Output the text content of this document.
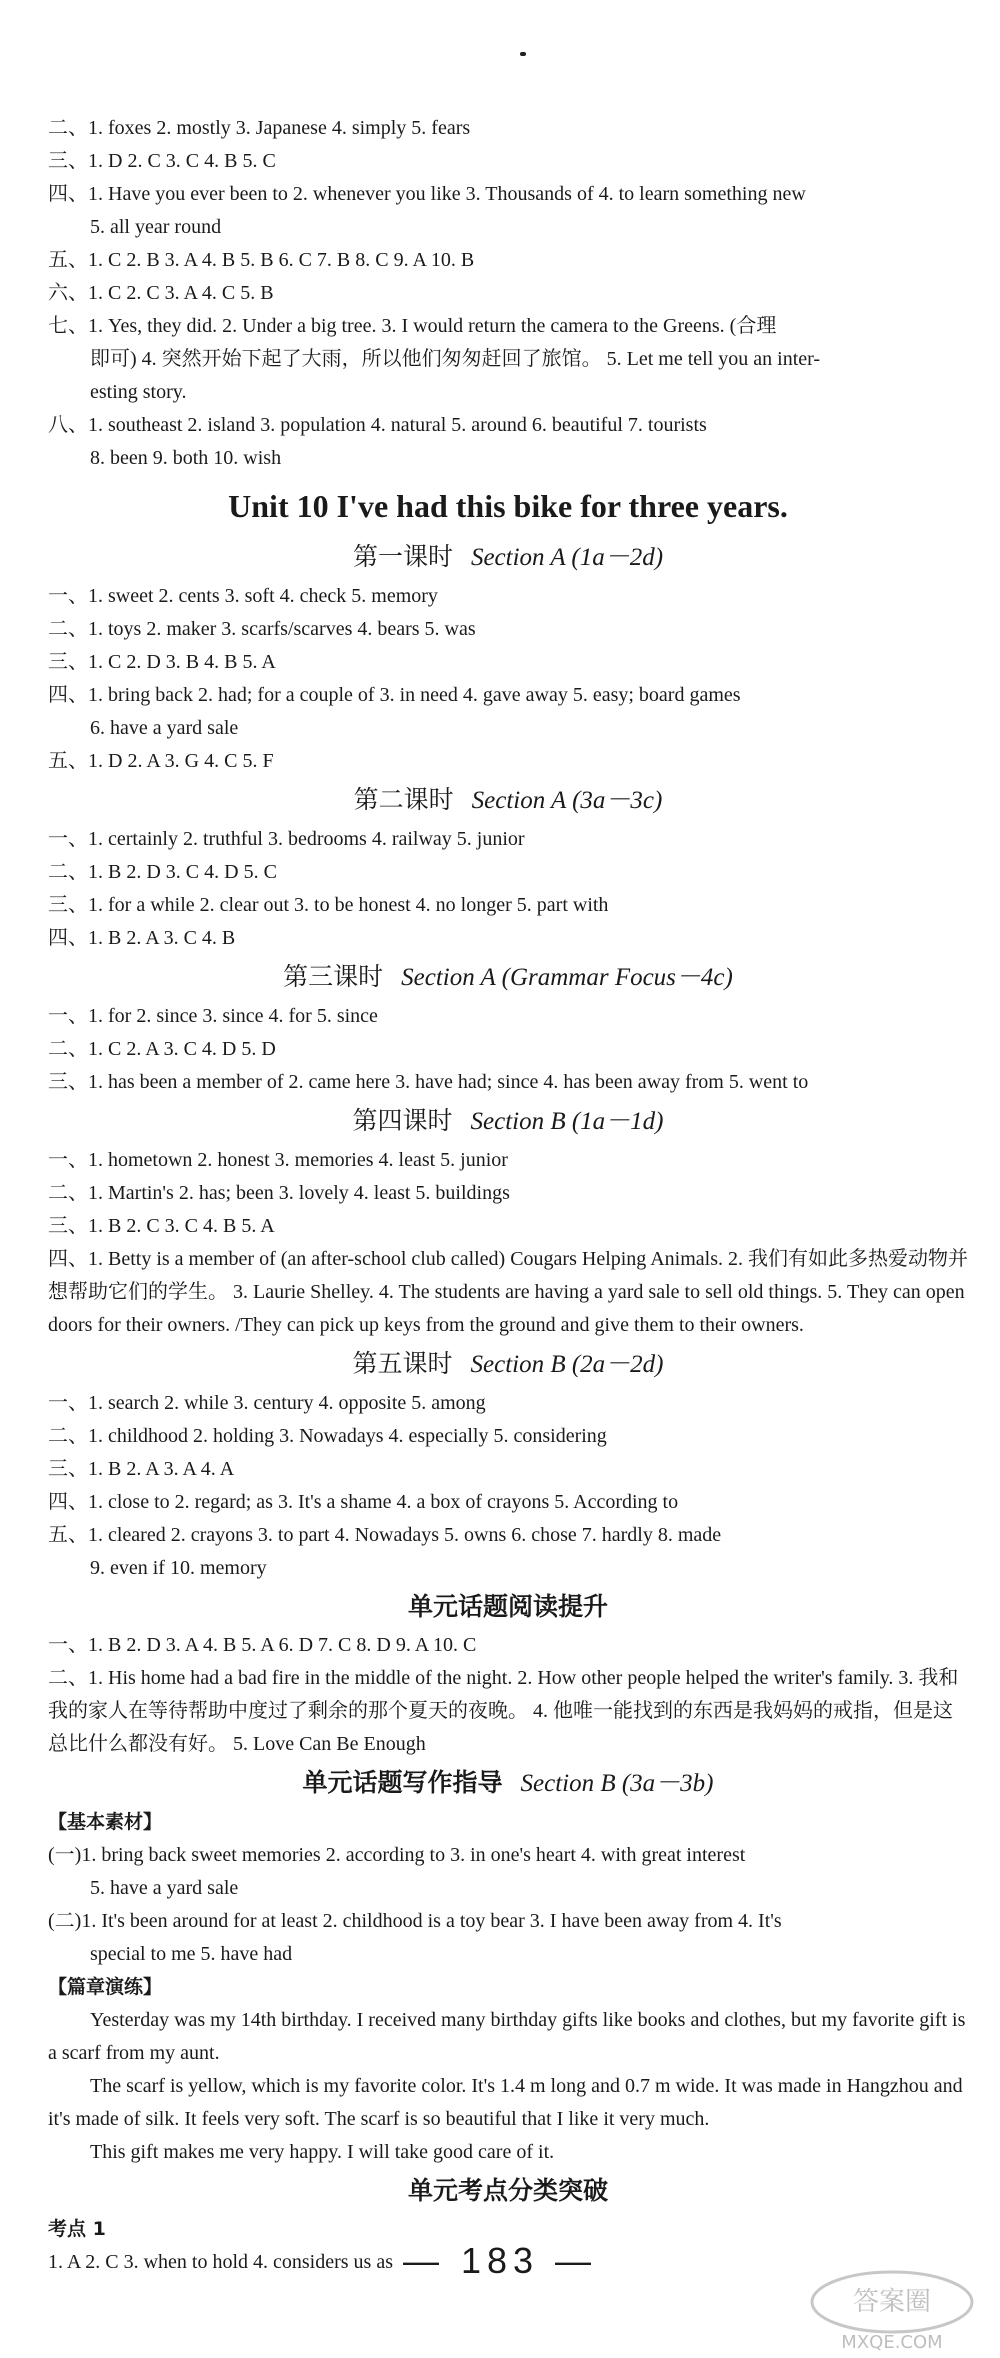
二、1. foxes 2. mostly 3. Japanese 4. simply 5. fears
三、1. D 2. C 3. C 4. B 5. C
四、1. Have you ever been to 2. whenever you like 3. Thousands of 4. to learn something new
5. all year round
五、1. C 2. B 3. A 4. B 5. B 6. C 7. B 8. C 9. A 10. B
六、1. C 2. C 3. A 4. C 5. B
七、1. Yes, they did. 2. Under a big tree. 3. I would return the camera to the Greens. (合理
即可) 4. 突然开始下起了大雨，所以他们匆匆赶回了旅馆。 5. Let me tell you an inter-
esting story.
八、1. southeast 2. island 3. population 4. natural 5. around 6. beautiful 7. tourists
8. been 9. both 10. wish
Unit 10 I've had this bike for three years.
第一课时 Section A (1a－2d)
一、1. sweet 2. cents 3. soft 4. check 5. memory
二、1. toys 2. maker 3. scarfs/scarves 4. bears 5. was
三、1. C 2. D 3. B 4. B 5. A
四、1. bring back 2. had; for a couple of 3. in need 4. gave away 5. easy; board games
6. have a yard sale
五、1. D 2. A 3. G 4. C 5. F
第二课时 Section A (3a－3c)
一、1. certainly 2. truthful 3. bedrooms 4. railway 5. junior
二、1. B 2. D 3. C 4. D 5. C
三、1. for a while 2. clear out 3. to be honest 4. no longer 5. part with
四、1. B 2. A 3. C 4. B
第三课时 Section A (Grammar Focus－4c)
一、1. for 2. since 3. since 4. for 5. since
二、1. C 2. A 3. C 4. D 5. D
三、1. has been a member of 2. came here 3. have had; since 4. has been away from 5. went to
第四课时 Section B (1a－1d)
一、1. hometown 2. honest 3. memories 4. least 5. junior
二、1. Martin's 2. has; been 3. lovely 4. least 5. buildings
三、1. B 2. C 3. C 4. B 5. A
四、1. Betty is a member of (an after-school club called) Cougars Helping Animals. 2. 我们有如此多热爱动物并想帮助它们的学生。 3. Laurie Shelley. 4. The students are having a yard sale to sell old things. 5. They can open doors for their owners. /They can pick up keys from the ground and give them to their owners.
第五课时 Section B (2a－2d)
一、1. search 2. while 3. century 4. opposite 5. among
二、1. childhood 2. holding 3. Nowadays 4. especially 5. considering
三、1. B 2. A 3. A 4. A
四、1. close to 2. regard; as 3. It's a shame 4. a box of crayons 5. According to
五、1. cleared 2. crayons 3. to part 4. Nowadays 5. owns 6. chose 7. hardly 8. made
9. even if 10. memory
单元话题阅读提升
一、1. B 2. D 3. A 4. B 5. A 6. D 7. C 8. D 9. A 10. C
二、1. His home had a bad fire in the middle of the night. 2. How other people helped the writer's family. 3. 我和我的家人在等待帮助中度过了剩余的那个夏天的夜晚。 4. 他唯一能找到的东西是我妈妈的戒指，但是这总比什么都没有好。 5. Love Can Be Enough
单元话题写作指导 Section B (3a－3b)
【基本素材】
(一)1. bring back sweet memories 2. according to 3. in one's heart 4. with great interest
5. have a yard sale
(二)1. It's been around for at least 2. childhood is a toy bear 3. I have been away from 4. It's
special to me 5. have had
【篇章演练】
Yesterday was my 14th birthday. I received many birthday gifts like books and clothes, but my favorite gift is a scarf from my aunt.
The scarf is yellow, which is my favorite color. It's 1.4 m long and 0.7 m wide. It was made in Hangzhou and it's made of silk. It feels very soft. The scarf is so beautiful that I like it very much.
This gift makes me very happy. I will take good care of it.
单元考点分类突破
考点 1
1. A 2. C 3. when to hold 4. considers us as — 183 —
答案圈
MXQE.COM
